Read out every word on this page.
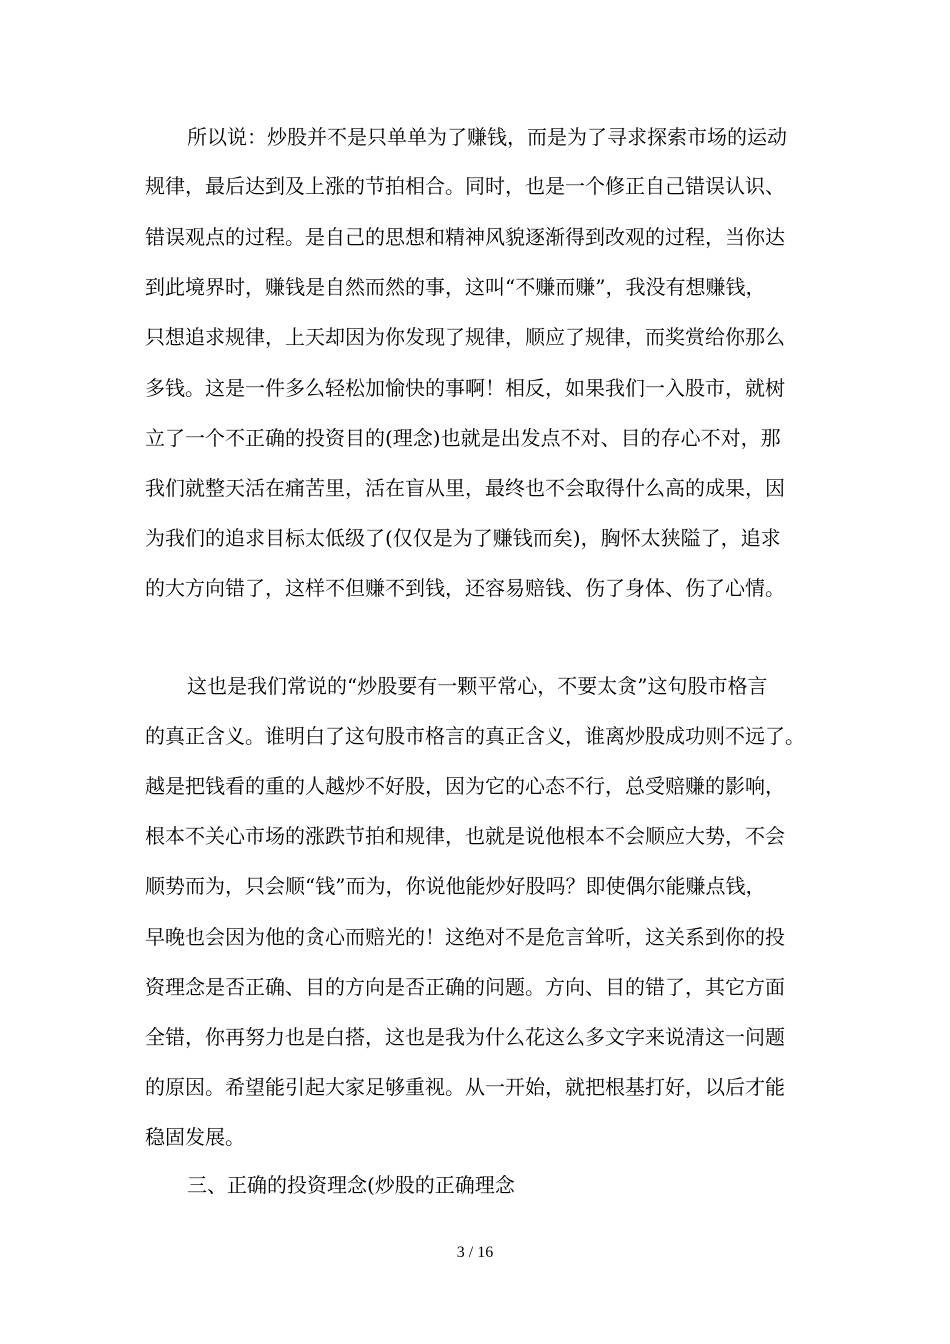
所以说：炒股并不是只单单为了赚钱，而是为了寻求探索市场的运动
规律，最后达到及上涨的节拍相合。同时，也是一个修正自己错误认识、
错误观点的过程。是自己的思想和精神风貌逐渐得到改观的过程，当你达
到此境界时，赚钱是自然而然的事，这叫“不赚而赚”，我没有想赚钱，
只想追求规律，上天却因为你发现了规律，顺应了规律，而奖赏给你那么
多钱。这是一件多么轻松加愉快的事啊！相反，如果我们一入股市，就树
立了一个不正确的投资目的(理念)也就是出发点不对、目的存心不对，那
我们就整天活在痛苦里，活在盲从里，最终也不会取得什么高的成果，因
为我们的追求目标太低级了(仅仅是为了赚钱而矣)，胸怀太狭隘了，追求
的大方向错了，这样不但赚不到钱，还容易赔钱、伤了身体、伤了心情。
这也是我们常说的“炒股要有一颗平常心，不要太贪”这句股市格言
的真正含义。谁明白了这句股市格言的真正含义，谁离炒股成功则不远了。
越是把钱看的重的人越炒不好股，因为它的心态不行，总受赔赚的影响，
根本不关心市场的涨跌节拍和规律，也就是说他根本不会顺应大势，不会
顺势而为，只会顺“钱”而为，你说他能炒好股吗？即使偶尔能赚点钱，
早晚也会因为他的贪心而赔光的！这绝对不是危言耸听，这关系到你的投
资理念是否正确、目的方向是否正确的问题。方向、目的错了，其它方面
全错，你再努力也是白搭，这也是我为什么花这么多文字来说清这一问题
的原因。希望能引起大家足够重视。从一开始，就把根基打好，以后才能
稳固发展。
三、正确的投资理念(炒股的正确理念
3 / 16
